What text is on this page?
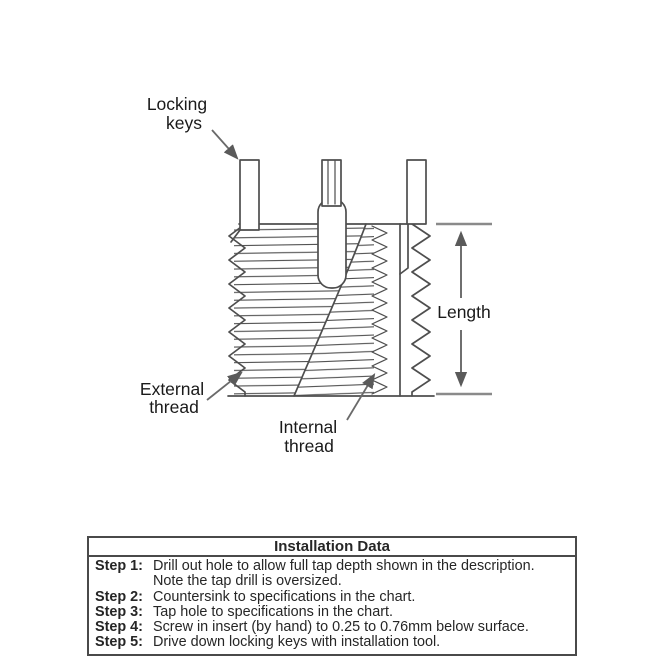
Length
Locking
keys
External
thread
Internal
thread
Installation Data
Step 1: Drill out hole to allow full tap depth shown in the description.
Note the tap drill is oversized.
Step 2: Countersink to specifications in the chart.
Step 3: Tap hole to specifications in the chart.
Step 4: Screw in insert (by hand) to 0.25 to 0.76mm below surface.
Step 5: Drive down locking keys with installation tool.
